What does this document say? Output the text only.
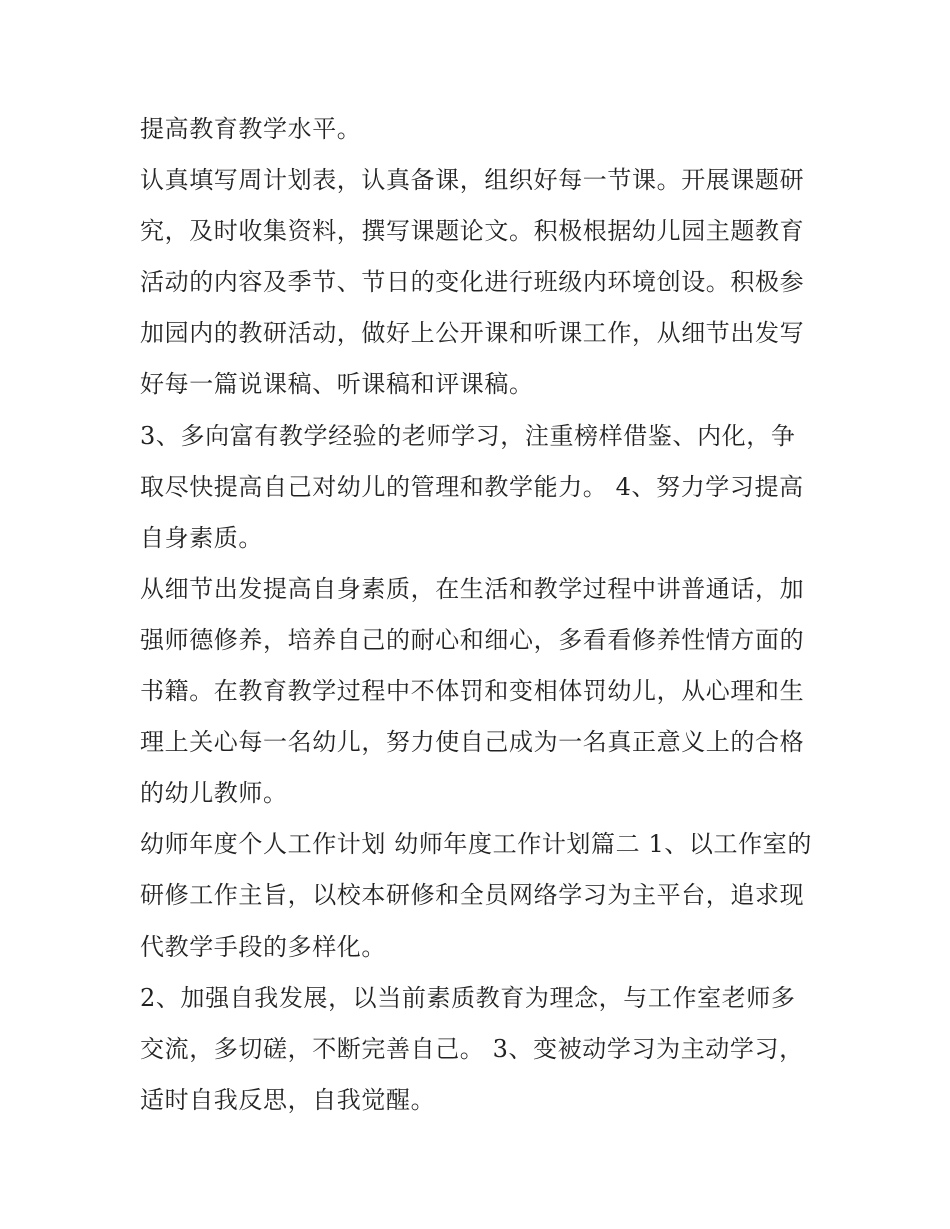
提高教育教学水平。
认真填写周计划表，认真备课，组织好每一节课。开展课题研
究，及时收集资料，撰写课题论文。积极根据幼儿园主题教育
活动的内容及季节、节日的变化进行班级内环境创设。积极参
加园内的教研活动，做好上公开课和听课工作，从细节出发写
好每一篇说课稿、听课稿和评课稿。
3、多向富有教学经验的老师学习，注重榜样借鉴、内化，争
取尽快提高自己对幼儿的管理和教学能力。 4、努力学习提高
自身素质。
从细节出发提高自身素质，在生活和教学过程中讲普通话，加
强师德修养，培养自己的耐心和细心，多看看修养性情方面的
书籍。在教育教学过程中不体罚和变相体罚幼儿，从心理和生
理上关心每一名幼儿，努力使自己成为一名真正意义上的合格
的幼儿教师。
幼师年度个人工作计划 幼师年度工作计划篇二 1、以工作室的
研修工作主旨，以校本研修和全员网络学习为主平台，追求现
代教学手段的多样化。
2、加强自我发展，以当前素质教育为理念，与工作室老师多
交流，多切磋，不断完善自己。 3、变被动学习为主动学习，
适时自我反思，自我觉醒。
